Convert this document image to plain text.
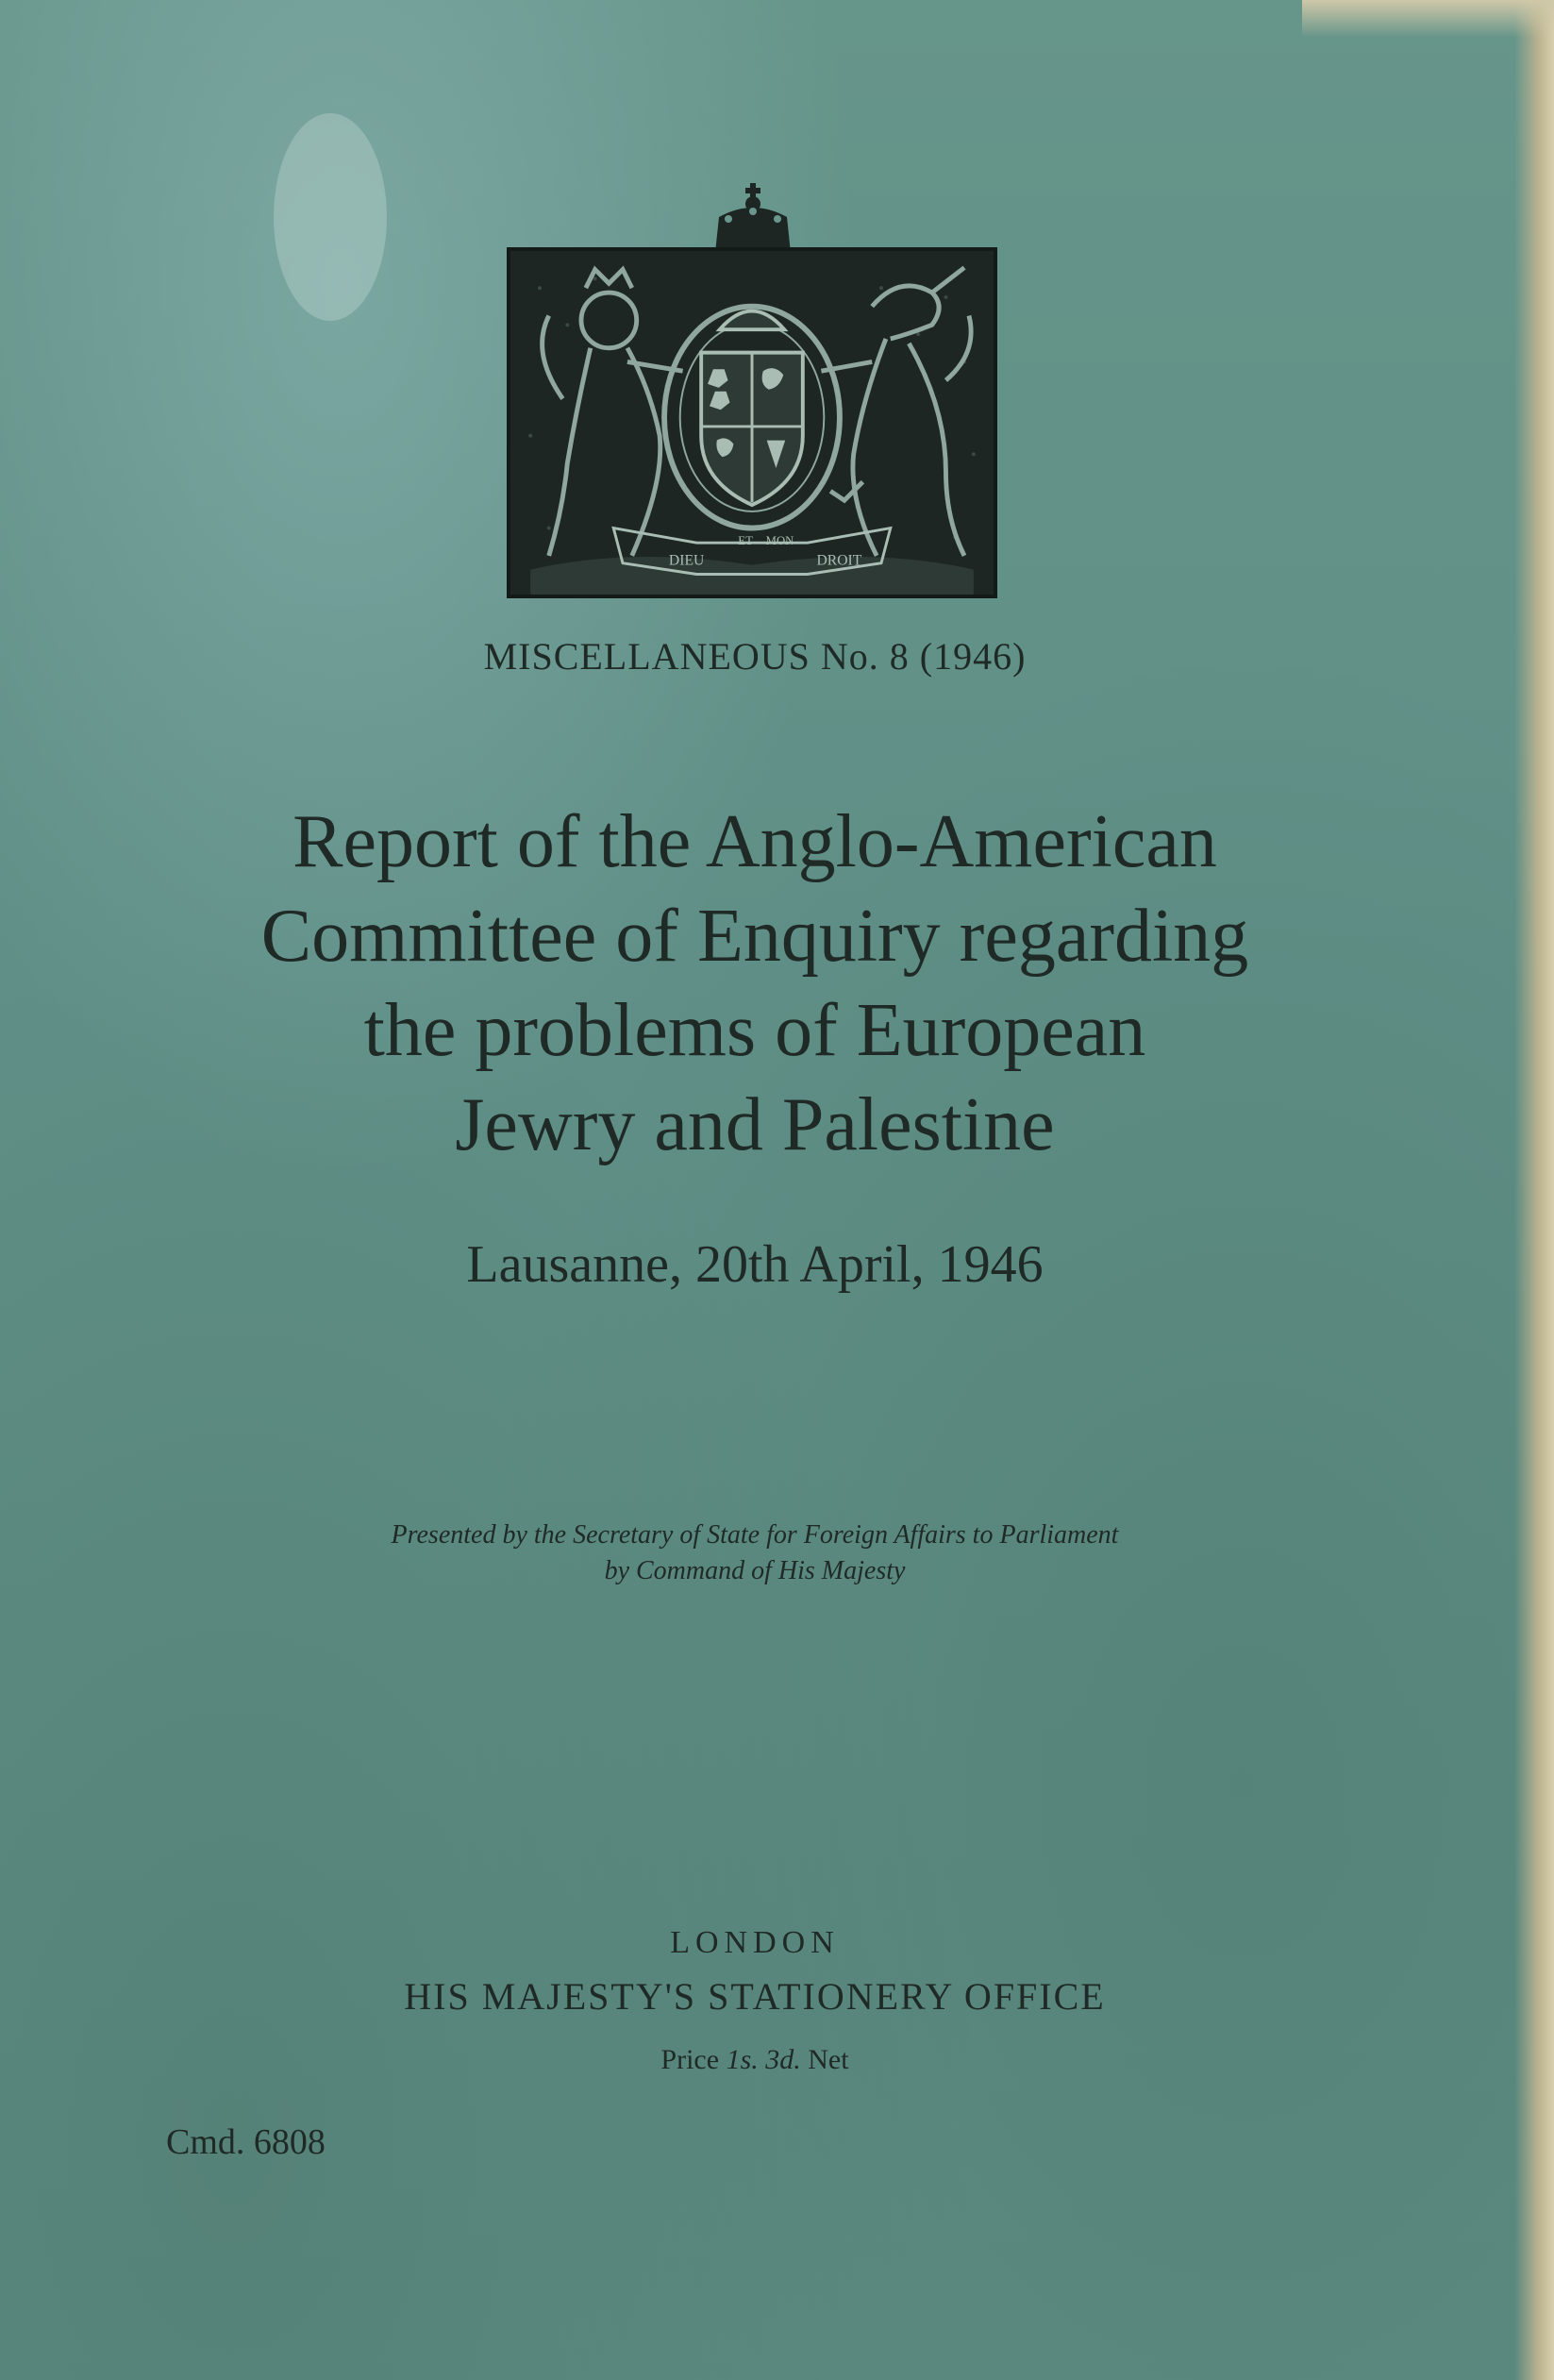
DIEU
ET MON
DROIT
MISCELLANEOUS No. 8 (1946)
Report of the Anglo-American
Committee of Enquiry regarding
the problems of European
Jewry and Palestine
Lausanne, 20th April, 1946
Presented by the Secretary of State for Foreign Affairs to Parliament
by Command of His Majesty
LONDON
HIS MAJESTY'S STATIONERY OFFICE
Price 1s. 3d. Net
Cmd. 6808
